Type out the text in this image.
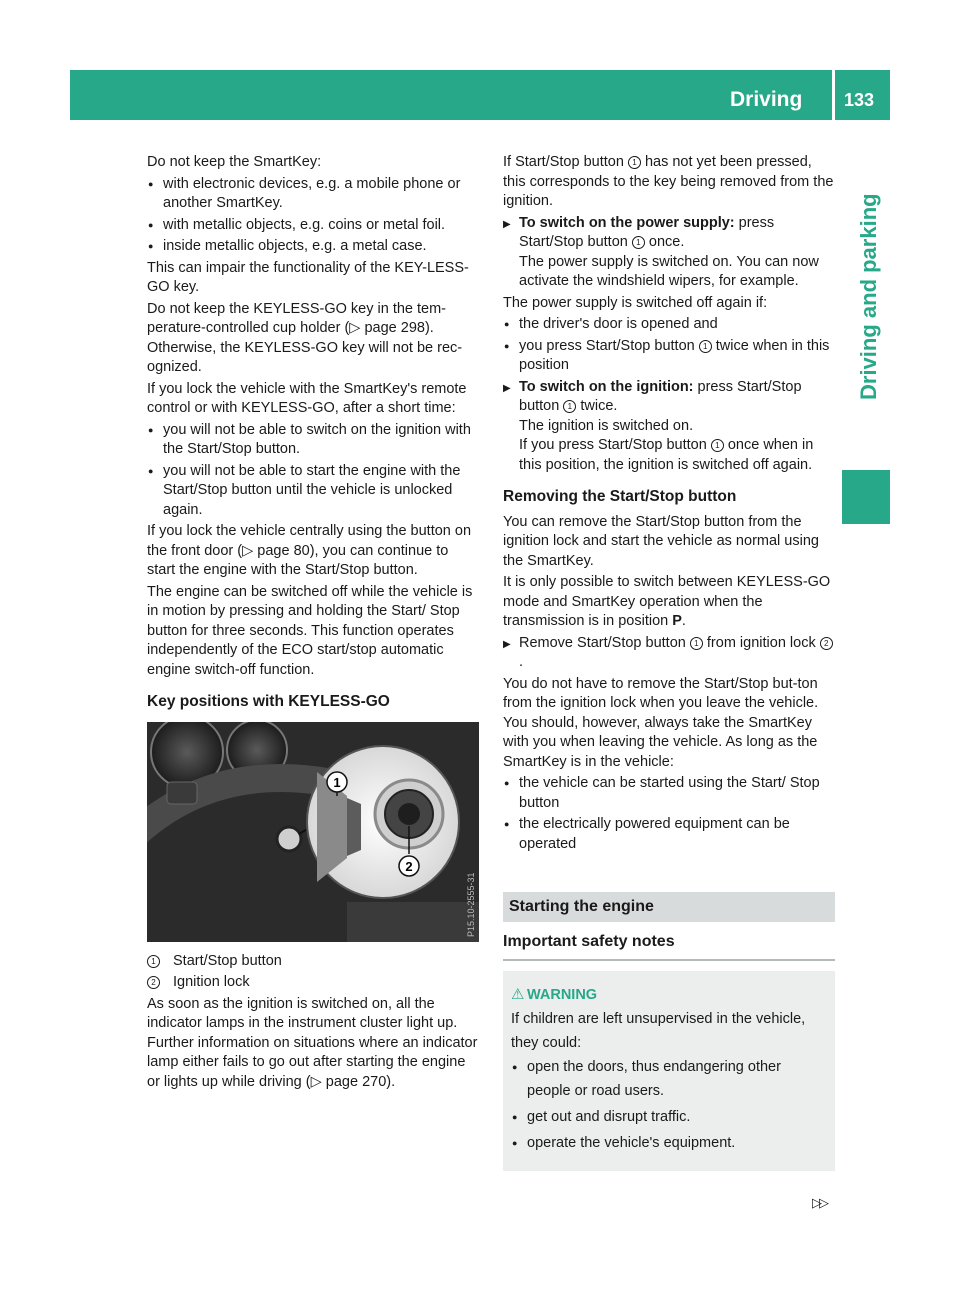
Driving 133
Driving and parking

Do not keep the SmartKey:

● with electronic devices, e.g. a mobile phone or another SmartKey.
● with metallic objects, e.g. coins or metal foil.
● inside metallic objects, e.g. a metal case.

This can impair the functionality of the KEY-LESS-GO key.

Do not keep the KEYLESS-GO key in the tem-perature-controlled cup holder (▷ page 298). Otherwise, the KEYLESS-GO key will not be rec-ognized.

If you lock the vehicle with the SmartKey's remote control or with KEYLESS-GO, after a short time:

● you will not be able to switch on the ignition with the Start/Stop button.
● you will not be able to start the engine with the Start/Stop button until the vehicle is unlocked again.

If you lock the vehicle centrally using the button on the front door (▷ page 80), you can continue to start the engine with the Start/Stop button.

The engine can be switched off while the vehicle is in motion by pressing and holding the Start/ Stop button for three seconds. This function operates independently of the ECO start/stop automatic engine switch-off function.

Key positions with KEYLESS-GO
1
2
P15.10-2555-31
1 Start/Stop button
2 Ignition lock

As soon as the ignition is switched on, all the indicator lamps in the instrument cluster light up. Further information on situations where an indicator lamp either fails to go out after starting the engine or lights up while driving (▷ page 270).

If Start/Stop button 1 has not yet been pressed, this corresponds to the key being removed from the ignition.

▶ To switch on the power supply: press Start/Stop button 1 once.
The power supply is switched on. You can now activate the windshield wipers, for example.

The power supply is switched off again if:

● the driver's door is opened and
● you press Start/Stop button 1 twice when in this position
▶ To switch on the ignition: press Start/Stop button 1 twice.
The ignition is switched on.
If you press Start/Stop button 1 once when in this position, the ignition is switched off again.
Removing the Start/Stop button

You can remove the Start/Stop button from the ignition lock and start the vehicle as normal using the SmartKey.

It is only possible to switch between KEYLESS-GO mode and SmartKey operation when the transmission is in position P.

▶ Remove Start/Stop button 1 from ignition lock 2.

You do not have to remove the Start/Stop but-ton from the ignition lock when you leave the vehicle. You should, however, always take the SmartKey with you when leaving the vehicle. As long as the SmartKey is in the vehicle:

● the vehicle can be started using the Start/ Stop button
● the electrically powered equipment can be operated
Starting the engine
Important safety notes
⚠ WARNING
If children are left unsupervised in the vehicle, they could:
● open the doors, thus endangering other people or road users.
● get out and disrupt traffic.
● operate the vehicle's equipment.
▷▷
